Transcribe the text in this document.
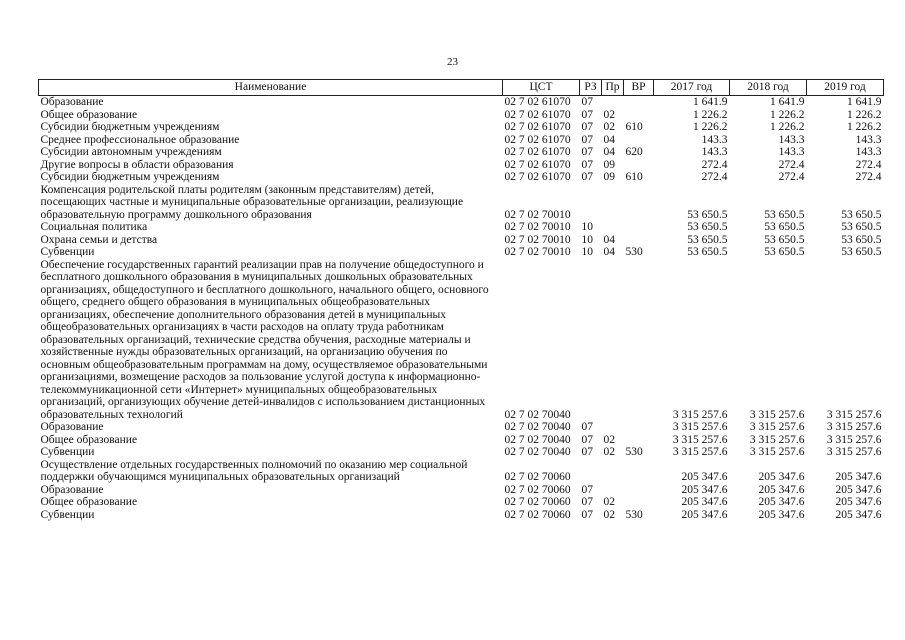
23
Наименование	ЦСТ	РЗ	Пр	ВР	2017 год	2018 год	2019 год
Образование	02 7 02 61070	07			1 641.9	1 641.9	1 641.9
Общее образование	02 7 02 61070	07	02		1 226.2	1 226.2	1 226.2
Субсидии бюджетным учреждениям	02 7 02 61070	07	02	610	1 226.2	1 226.2	1 226.2
Среднее профессиональное образование	02 7 02 61070	07	04		143.3	143.3	143.3
Субсидии автономным учреждениям	02 7 02 61070	07	04	620	143.3	143.3	143.3
Другие вопросы в области образования	02 7 02 61070	07	09		272.4	272.4	272.4
Субсидии бюджетным учреждениям	02 7 02 61070	07	09	610	272.4	272.4	272.4
Компенсация родительской платы родителям (законным представителям) детей, посещающих частные и муниципальные образовательные организации, реализующие образовательную программу дошкольного образования	02 7 02 70010				53 650.5	53 650.5	53 650.5
Социальная политика	02 7 02 70010	10			53 650.5	53 650.5	53 650.5
Охрана семьи и детства	02 7 02 70010	10	04		53 650.5	53 650.5	53 650.5
Субвенции	02 7 02 70010	10	04	530	53 650.5	53 650.5	53 650.5
Обеспечение государственных гарантий реализации прав на получение общедоступного и бесплатного дошкольного образования в муниципальных дошкольных образовательных организациях, общедоступного и бесплатного дошкольного, начального общего, основного общего, среднего общего образования в муниципальных общеобразовательных организациях, обеспечение дополнительного образования детей в муниципальных общеобразовательных организациях в части расходов на оплату труда работникам образовательных организаций, технические средства обучения, расходные материалы и хозяйственные нужды образовательных организаций, на организацию обучения по основным общеобразовательным программам на дому, осуществляемое образовательными организациями, возмещение расходов за пользование услугой доступа к информационно-телекоммуникационной сети «Интернет» муниципальных общеобразовательных организаций, организующих обучение детей-инвалидов с использованием дистанционных образовательных технологий	02 7 02 70040				3 315 257.6	3 315 257.6	3 315 257.6
Образование	02 7 02 70040	07			3 315 257.6	3 315 257.6	3 315 257.6
Общее образование	02 7 02 70040	07	02		3 315 257.6	3 315 257.6	3 315 257.6
Субвенции	02 7 02 70040	07	02	530	3 315 257.6	3 315 257.6	3 315 257.6
Осуществление отдельных государственных полномочий по оказанию мер социальной поддержки обучающимся муниципальных образовательных организаций	02 7 02 70060				205 347.6	205 347.6	205 347.6
Образование	02 7 02 70060	07			205 347.6	205 347.6	205 347.6
Общее образование	02 7 02 70060	07	02		205 347.6	205 347.6	205 347.6
Субвенции	02 7 02 70060	07	02	530	205 347.6	205 347.6	205 347.6
